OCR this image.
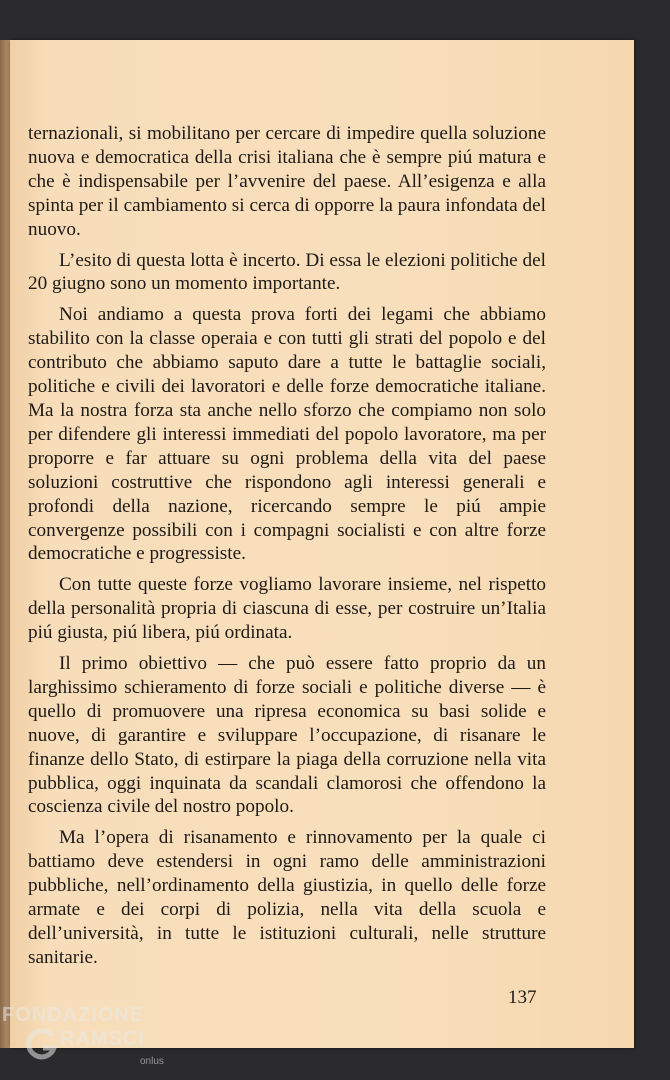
ternazionali, si mobilitano per cercare di impedire quella soluzione nuova e democratica della crisi italiana che è sempre piú matura e che è indispensabile per l’avvenire del paese. All’esigenza e alla spinta per il cambiamento si cerca di opporre la paura infondata del nuovo.

L’esito di questa lotta è incerto. Di essa le elezioni politiche del 20 giugno sono un momento importante.

Noi andiamo a questa prova forti dei legami che abbiamo stabilito con la classe operaia e con tutti gli strati del popolo e del contributo che abbiamo saputo dare a tutte le battaglie sociali, politiche e civili dei lavoratori e delle forze democratiche italiane. Ma la nostra forza sta anche nello sforzo che compiamo non solo per difendere gli interessi immediati del popolo lavoratore, ma per proporre e far attuare su ogni problema della vita del paese soluzioni costruttive che rispondono agli interessi generali e profondi della nazione, ricercando sempre le piú ampie convergenze possibili con i compagni socialisti e con altre forze democratiche e progressiste.

Con tutte queste forze vogliamo lavorare insieme, nel rispetto della personalità propria di ciascuna di esse, per costruire un’Italia piú giusta, piú libera, piú ordinata.

Il primo obiettivo — che può essere fatto proprio da un larghissimo schieramento di forze sociali e politiche diverse — è quello di promuovere una ripresa economica su basi solide e nuove, di garantire e sviluppare l’occupazione, di risanare le finanze dello Stato, di estirpare la piaga della corruzione nella vita pubblica, oggi inquinata da scandali clamorosi che offendono la coscienza civile del nostro popolo.

Ma l’opera di risanamento e rinnovamento per la quale ci battiamo deve estendersi in ogni ramo delle amministrazioni pubbliche, nell’ordinamento della giustizia, in quello delle forze armate e dei corpi di polizia, nella vita della scuola e dell’università, in tutte le istituzioni culturali, nelle strutture sanitarie.

137
FONDAZIONE
RAMSCI
onlus
